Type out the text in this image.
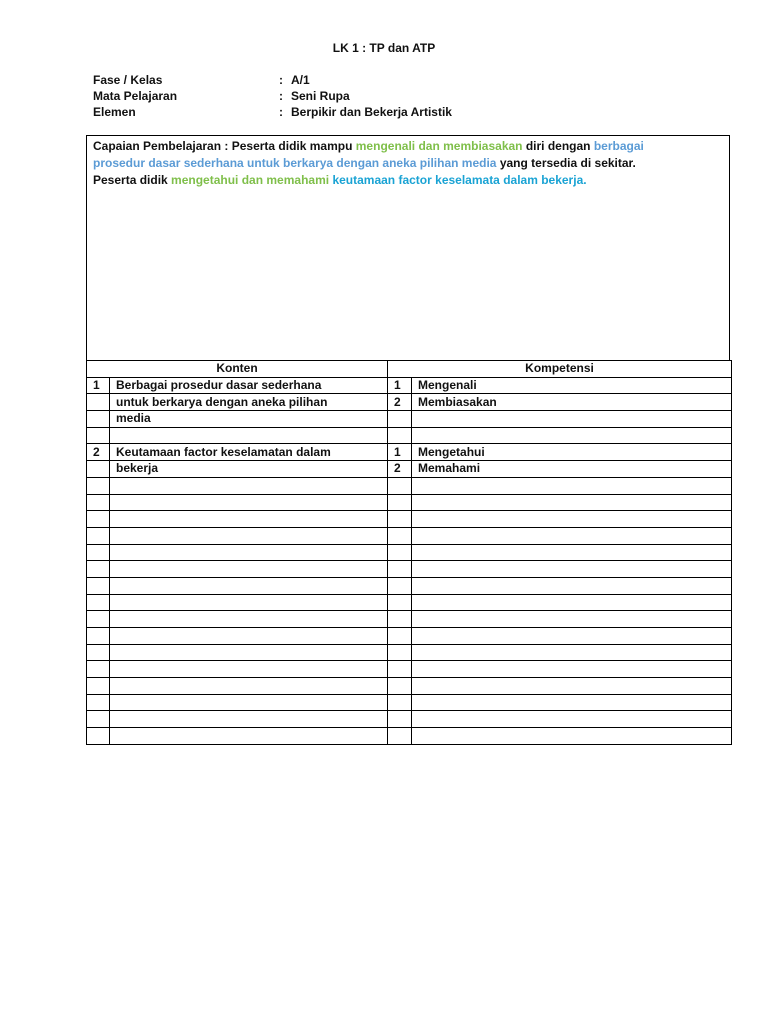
LK 1 : TP dan ATP
Fase / Kelas	: A/1
Mata Pelajaran	: Seni Rupa
Elemen	: Berpikir dan Bekerja Artistik
Capaian Pembelajaran : Peserta didik mampu mengenali dan membiasakan diri dengan berbagai
prosedur dasar sederhana untuk berkarya dengan aneka pilihan media yang tersedia di sekitar.
Peserta didik mengetahui dan memahami keutamaan factor keselamata dalam bekerja.
Konten		Kompetensi	
1	Berbagai prosedur dasar sederhana	1	Mengenali
	untuk berkarya dengan aneka pilihan	2	Membiasakan
	media		

2	Keutamaan factor keselamatan dalam	1	Mengetahui
	bekerja	2	Memahami
